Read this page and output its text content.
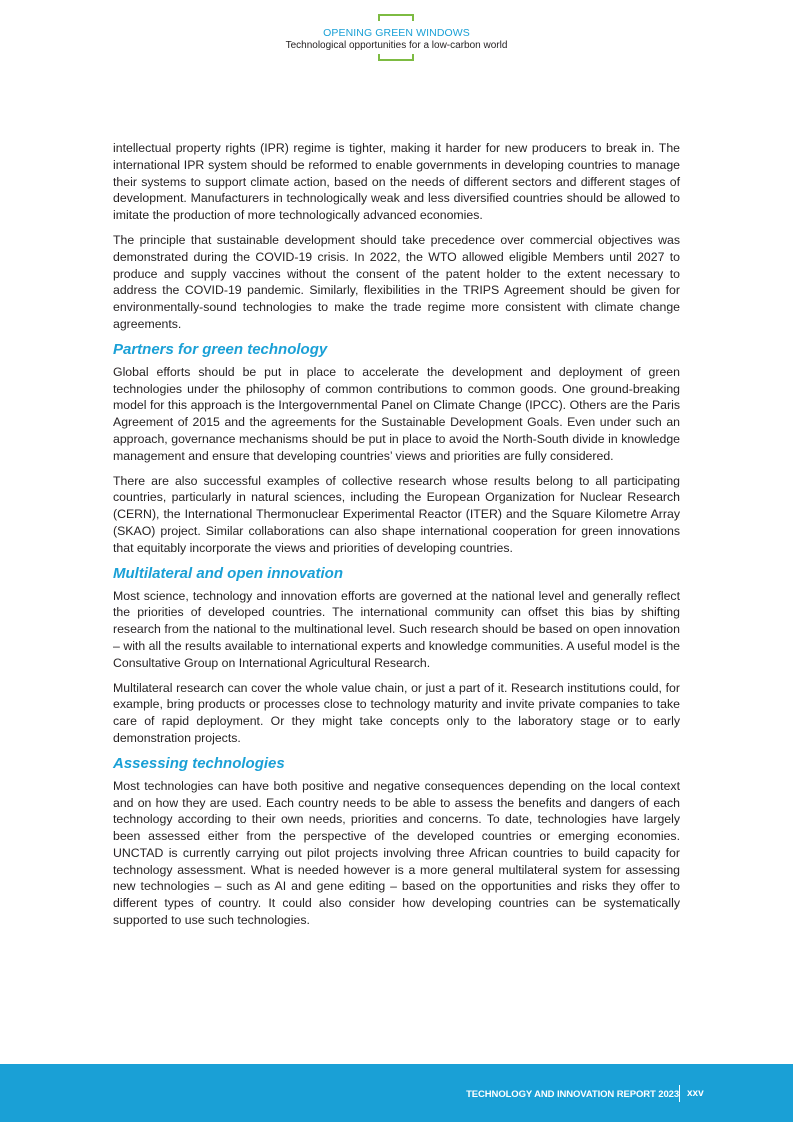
OPENING GREEN WINDOWS
Technological opportunities for a low-carbon world

intellectual property rights (IPR) regime is tighter, making it harder for new producers to break in. The international IPR system should be reformed to enable governments in developing countries to manage their systems to support climate action, based on the needs of different sectors and different stages of development. Manufacturers in technologically weak and less diversified countries should be allowed to imitate the production of more technologically advanced economies.

The principle that sustainable development should take precedence over commercial objectives was demonstrated during the COVID-19 crisis. In 2022, the WTO allowed eligible Members until 2027 to produce and supply vaccines without the consent of the patent holder to the extent necessary to address the COVID-19 pandemic. Similarly, flexibilities in the TRIPS Agreement should be given for environmentally-sound technologies to make the trade regime more consistent with climate change agreements.

Partners for green technology

Global efforts should be put in place to accelerate the development and deployment of green technologies under the philosophy of common contributions to common goods. One ground-breaking model for this approach is the Intergovernmental Panel on Climate Change (IPCC). Others are the Paris Agreement of 2015 and the agreements for the Sustainable Development Goals. Even under such an approach, governance mechanisms should be put in place to avoid the North-South divide in knowledge management and ensure that developing countries’ views and priorities are fully considered.

There are also successful examples of collective research whose results belong to all participating countries, particularly in natural sciences, including the European Organization for Nuclear Research (CERN), the International Thermonuclear Experimental Reactor (ITER) and the Square Kilometre Array (SKAO) project. Similar collaborations can also shape international cooperation for green innovations that equitably incorporate the views and priorities of developing countries.

Multilateral and open innovation

Most science, technology and innovation efforts are governed at the national level and generally reflect the priorities of developed countries. The international community can offset this bias by shifting research from the national to the multinational level. Such research should be based on open innovation – with all the results available to international experts and knowledge communities. A useful model is the Consultative Group on International Agricultural Research.

Multilateral research can cover the whole value chain, or just a part of it. Research institutions could, for example, bring products or processes close to technology maturity and invite private companies to take care of rapid deployment. Or they might take concepts only to the laboratory stage or to early demonstration projects.

Assessing technologies

Most technologies can have both positive and negative consequences depending on the local context and on how they are used. Each country needs to be able to assess the benefits and dangers of each technology according to their own needs, priorities and concerns. To date, technologies have largely been assessed either from the perspective of the developed countries or emerging economies. UNCTAD is currently carrying out pilot projects involving three African countries to build capacity for technology assessment. What is needed however is a more general multilateral system for assessing new technologies – such as AI and gene editing – based on the opportunities and risks they offer to different types of country. It could also consider how developing countries can be systematically supported to use such technologies.

TECHNOLOGY AND INNOVATION REPORT 2023 xxv
